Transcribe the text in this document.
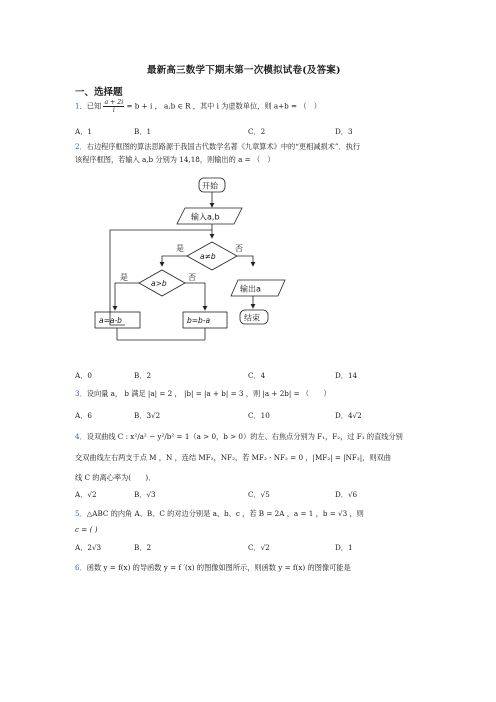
最新高三数学下期末第一次模拟试卷(及答案)
一、选择题
1．已知 $\frac{a + 2i}{i} = b + i$ ， a,b ∈ R ，其中 i 为虚数单位，则 a+b = （　）
A．1	B．1	C．2	D．3
2．右边程序框图的算法思路源于我国古代数学名著《九章算术》中的“更相减损术”．执行
该程序框图，若输入 a,b 分别为 14,18，则输出的 a = （　）
开始
输入a,b
a≠b
是	否
a>b
是	否
a=a-b	b=b-a
输出a
结束
A．0	B．2	C．4	D．14
3．设向量 a， b 满足 |a| = 2 ， |b| = |a + b| = 3 ，则 |a + 2b| = （　　）
A．6	B．3√2	C．10	D．4√2
4．设双曲线 C : x²/a² − y²/b² = 1（a > 0，b > 0）的左、右焦点分别为 F₁，F₂，过 F₁ 的直线分别
交双曲线左右两支于点 M ，N ，连结 MF₂，NF₂，若 MF₂ · NF₂ = 0 ，|MF₂| = |NF₂|，则双曲
线 C 的离心率为(　　)．
A．√2	B．√3	C．√5	D．√6
5．△ABC 的内角 A、B、C 的对边分别是 a、b、c ，若 B = 2A ，a = 1 ，b = √3 ，则
c = ( )
A．2√3	B．2	C．√2	D．1
6．函数 y = f(x) 的导函数 y = f ′(x) 的图像如图所示，则函数 y = f(x) 的图像可能是
